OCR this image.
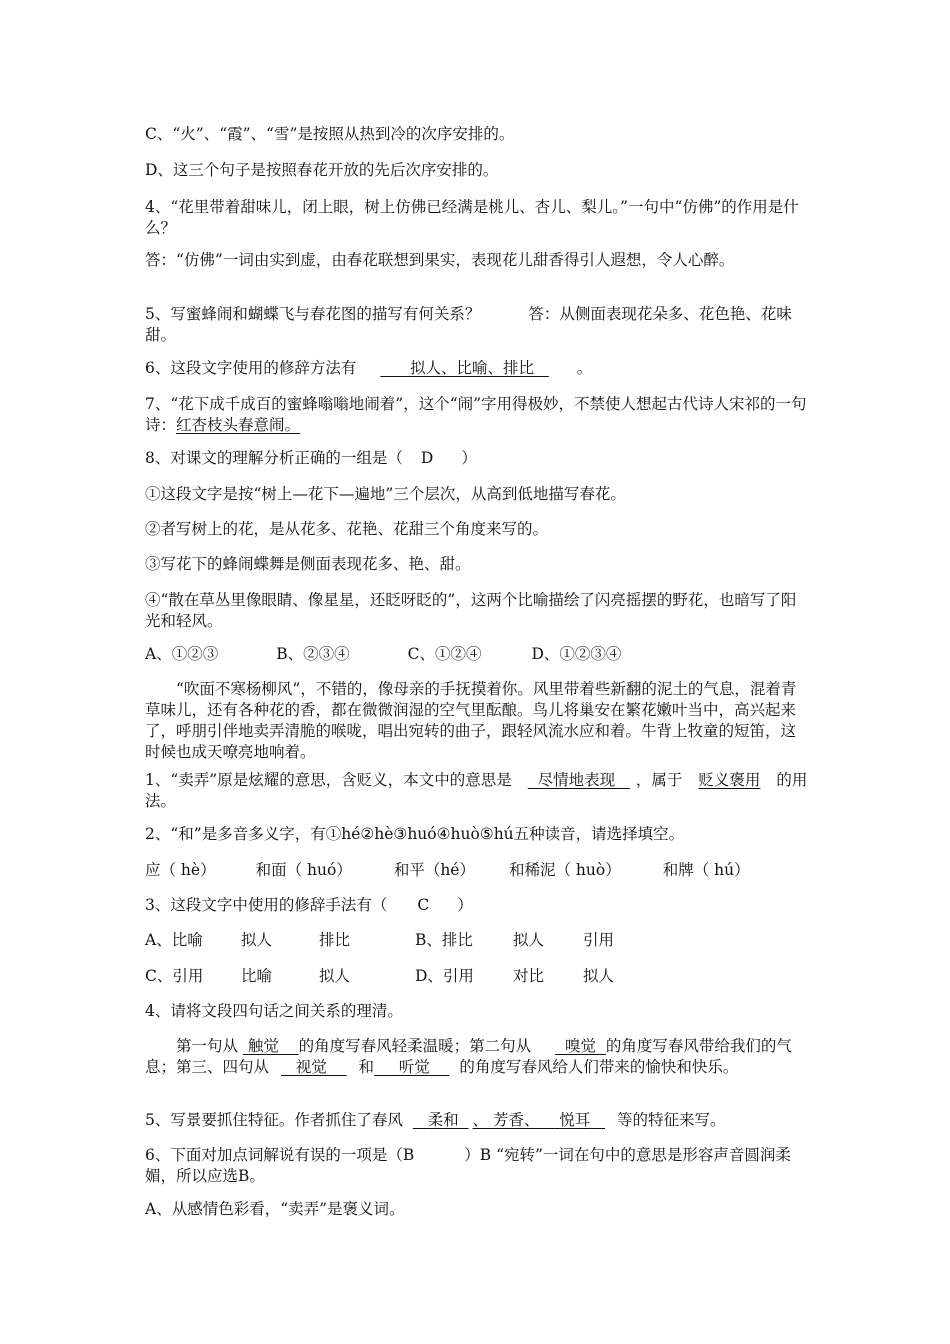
C、“火”、“霞”、“雪”是按照从热到冷的次序安排的。

D、这三个句子是按照春花开放的先后次序安排的。

4、“花里带着甜味儿，闭上眼，树上仿佛已经满是桃儿、杏儿、梨儿。”一句中“仿佛”的作用是什么？

答：“仿佛”一词由实到虚，由春花联想到果实，表现花儿甜香得引人遐想，令人心醉。

5、写蜜蜂闹和蝴蝶飞与春花图的描写有何关系？	答：从侧面表现花朵多、花色艳、花味甜。

6、这段文字使用的修辞方法有	拟人、比喻、排比	。

7、“花下成千成百的蜜蜂嗡嗡地闹着”，这个“闹”字用得极妙，不禁使人想起古代诗人宋祁的一句诗：红杏枝头春意闹。

8、对课文的理解分析正确的一组是（ D ）

①这段文字是按“树上—花下—遍地”三个层次，从高到低地描写春花。

②者写树上的花，是从花多、花艳、花甜三个角度来写的。

③写花下的蜂闹蝶舞是侧面表现花多、艳、甜。

④“散在草丛里像眼睛、像星星，还眨呀眨的”，这两个比喻描绘了闪亮摇摆的野花，也暗写了阳光和轻风。

A、①②③	B、②③④	C、①②④	D、①②③④

“吹面不寒杨柳风”，不错的，像母亲的手抚摸着你。风里带着些新翻的泥土的气息，混着青草味儿，还有各种花的香，都在微微润湿的空气里酝酿。鸟儿将巢安在繁花嫩叶当中，高兴起来了，呼朋引伴地卖弄清脆的喉咙，唱出宛转的曲子，跟轻风流水应和着。牛背上牧童的短笛，这时候也成天嘹亮地响着。

1、“卖弄”原是炫耀的意思，含贬义，本文中的意思是 尽情地表现 ，属于 贬义褒用 的用法。

2、“和”是多音多义字，有①hé②hè③huó④huò⑤hú五种读音，请选择填空。

应（ hè）	和面（ huó）	和平（hé） 和稀泥（ huò）	和牌（ hú）

3、这段文字中使用的修辞手法有（ C ）

A、比喻 拟人	排比	B、排比	拟人	引用

C、引用 比喻	拟人	D、引用	对比	拟人

4、请将文段四句话之间关系的理清。

第一句从 触觉 的角度写春风轻柔温暖；第二句从 嗅觉 的角度写春风带给我们的气息；第三、四句从 视觉 和 听觉 的角度写春风给人们带来的愉快和快乐。

5、写景要抓住特征。作者抓住了春风 柔和 、 芳香、 悦耳 等的特征来写。

6、下面对加点词解说有误的一项是（B	）B “宛转”一词在句中的意思是形容声音圆润柔媚，所以应选B。

A、从感情色彩看，“卖弄”是褒义词。
